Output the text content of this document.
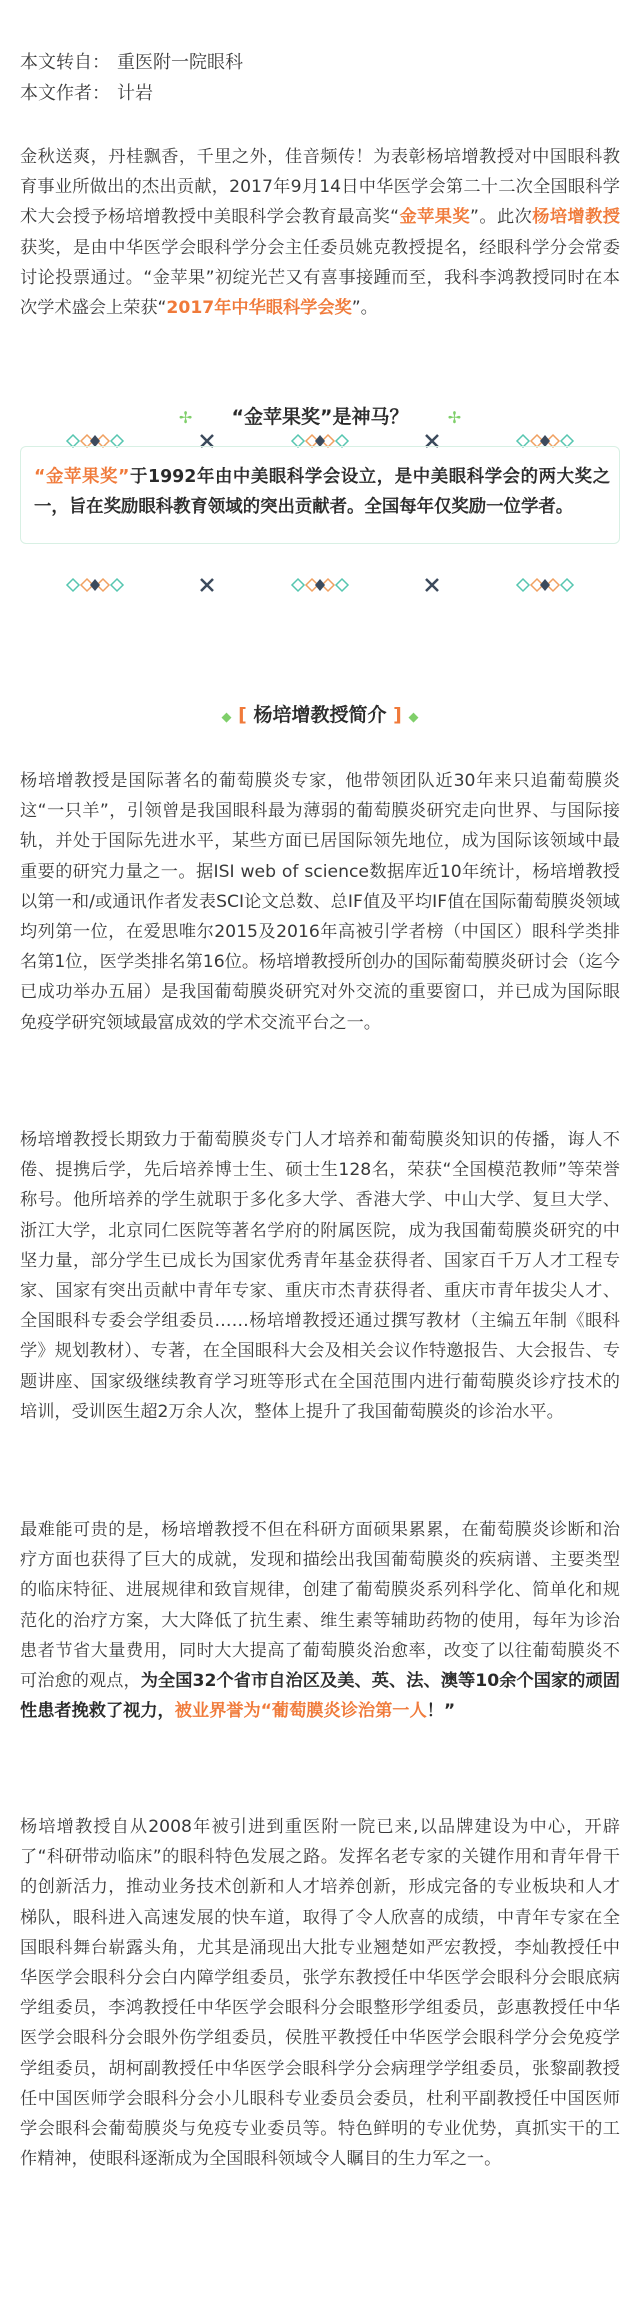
本文转自： 重医附一院眼科
本文作者： 计岩
金秋送爽，丹桂飘香，千里之外，佳音频传！为表彰杨培增教授对中国眼科教育事业所做出的杰出贡献，2017年9月14日中华医学会第二十二次全国眼科学术大会授予杨培增教授中美眼科学会教育最高奖“金苹果奖”。此次杨培增教授获奖，是由中华医学会眼科学分会主任委员姚克教授提名，经眼科学分会常委讨论投票通过。“金苹果”初绽光芒又有喜事接踵而至，我科李鸿教授同时在本次学术盛会上荣获“2017年中华眼科学会奖”。
✢ “金苹果奖”是神马？ ✢
“金苹果奖”于1992年由中美眼科学会设立，是中美眼科学会的两大奖之一，旨在奖励眼科教育领域的突出贡献者。全国每年仅奖励一位学者。
◆ [ 杨培增教授简介 ] ◆
杨培增教授是国际著名的葡萄膜炎专家，他带领团队近30年来只追葡萄膜炎这“一只羊”，引领曾是我国眼科最为薄弱的葡萄膜炎研究走向世界、与国际接轨，并处于国际先进水平，某些方面已居国际领先地位，成为国际该领域中最重要的研究力量之一。据ISI web of science数据库近10年统计，杨培增教授以第一和/或通讯作者发表SCI论文总数、总IF值及平均IF值在国际葡萄膜炎领域均列第一位，在爱思唯尔2015及2016年高被引学者榜（中国区）眼科学类排名第1位，医学类排名第16位。杨培增教授所创办的国际葡萄膜炎研讨会（迄今已成功举办五届）是我国葡萄膜炎研究对外交流的重要窗口，并已成为国际眼免疫学研究领域最富成效的学术交流平台之一。
杨培增教授长期致力于葡萄膜炎专门人才培养和葡萄膜炎知识的传播，诲人不倦、提携后学，先后培养博士生、硕士生128名，荣获“全国模范教师”等荣誉称号。他所培养的学生就职于多化多大学、香港大学、中山大学、复旦大学、浙江大学，北京同仁医院等著名学府的附属医院，成为我国葡萄膜炎研究的中坚力量，部分学生已成长为国家优秀青年基金获得者、国家百千万人才工程专家、国家有突出贡献中青年专家、重庆市杰青获得者、重庆市青年拔尖人才、全国眼科专委会学组委员……杨培增教授还通过撰写教材（主编五年制《眼科学》规划教材）、专著，在全国眼科大会及相关会议作特邀报告、大会报告、专题讲座、国家级继续教育学习班等形式在全国范围内进行葡萄膜炎诊疗技术的培训，受训医生超2万余人次，整体上提升了我国葡萄膜炎的诊治水平。
最难能可贵的是，杨培增教授不但在科研方面硕果累累，在葡萄膜炎诊断和治疗方面也获得了巨大的成就，发现和描绘出我国葡萄膜炎的疾病谱、主要类型的临床特征、进展规律和致盲规律，创建了葡萄膜炎系列科学化、简单化和规范化的治疗方案，大大降低了抗生素、维生素等辅助药物的使用，每年为诊治患者节省大量费用，同时大大提高了葡萄膜炎治愈率，改变了以往葡萄膜炎不可治愈的观点，为全国32个省市自治区及美、英、法、澳等10余个国家的顽固性患者挽救了视力，被业界誉为“葡萄膜炎诊治第一人！”
杨培增教授自从2008年被引进到重医附一院已来,以品牌建设为中心，开辟了“科研带动临床”的眼科特色发展之路。发挥名老专家的关键作用和青年骨干的创新活力，推动业务技术创新和人才培养创新，形成完备的专业板块和人才梯队，眼科进入高速发展的快车道，取得了令人欣喜的成绩，中青年专家在全国眼科舞台崭露头角，尤其是涌现出大批专业翘楚如严宏教授，李灿教授任中华医学会眼科分会白内障学组委员，张学东教授任中华医学会眼科分会眼底病学组委员，李鸿教授任中华医学会眼科分会眼整形学组委员，彭惠教授任中华医学会眼科分会眼外伤学组委员，侯胜平教授任中华医学会眼科学分会免疫学学组委员，胡柯副教授任中华医学会眼科学分会病理学学组委员，张黎副教授任中国医师学会眼科分会小儿眼科专业委员会委员，杜利平副教授任中国医师学会眼科会葡萄膜炎与免疫专业委员等。特色鲜明的专业优势，真抓实干的工作精神，使眼科逐渐成为全国眼科领域令人瞩目的生力军之一。
